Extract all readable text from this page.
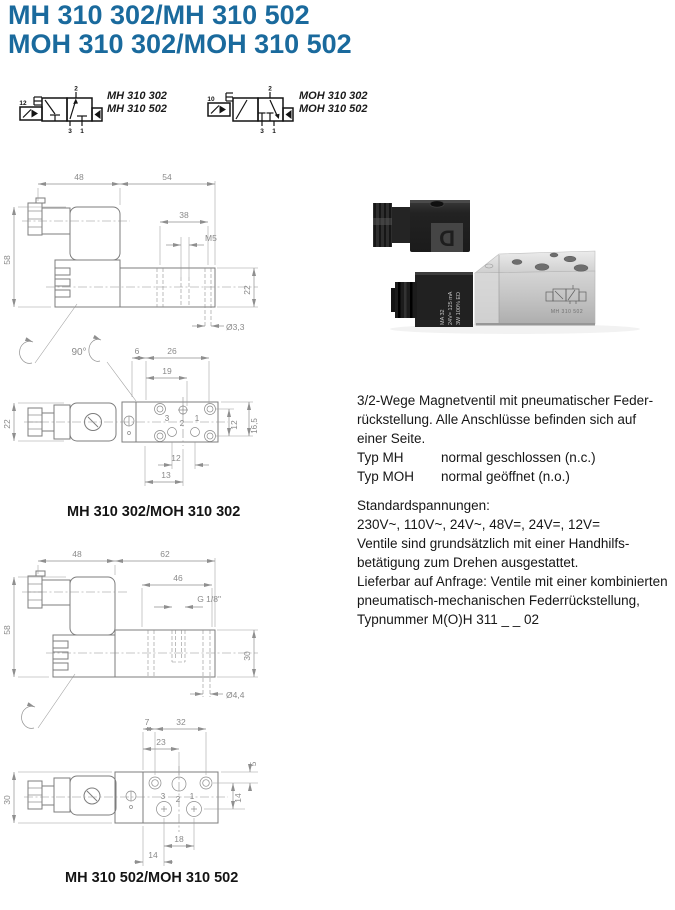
MH 310 302/MH 310 502
MOH 310 302/MOH 310 502
12
2
3 1
MH 310 302
MH 310 502
10
2
3 1
MOH 310 302
MOH 310 502
48	54
58
22
38
M5
Ø3,3
90°
3
2
1
6	26
19
22	12 16,5
12
13
MH 310 302/MOH 310 302
MH 310 502
D
MA 32 24V= 125 mA 3W 100% ED

3/2-Wege Magnetventil mit pneumatischer Feder-
rückstellung. Alle Anschlüsse befinden sich auf
einer Seite.

Typ MH	normal geschlossen (n.c.)
Typ MOH	normal geöffnet (n.o.)

Standardspannungen:
230V~, 110V~, 24V~, 48V=, 24V=, 12V=

Ventile sind grundsätzlich mit einer Handhilfs-
betätigung zum Drehen ausgestattet.

Lieferbar auf Anfrage: Ventile mit einer kombinierten
pneumatisch-mechanischen Federrückstellung,
Typnummer M(O)H 311 _ _ 02

48	62
58
46
G 1/8"
30
Ø4,4
3 2 1
7	32
23
30
5
14
18
14
MH 310 502/MOH 310 502
